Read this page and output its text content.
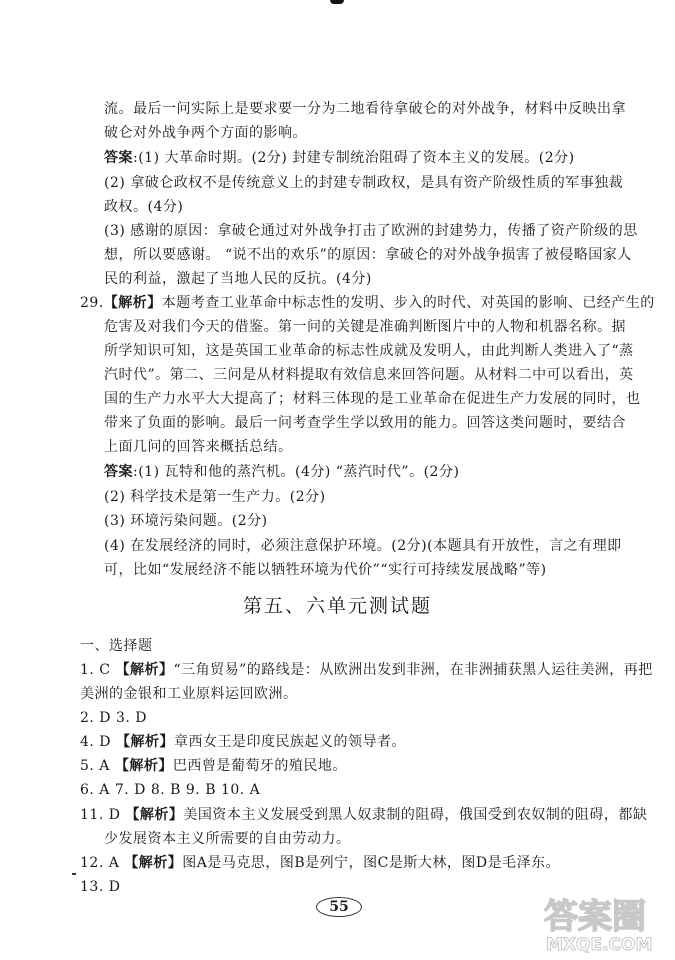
流。最后一问实际上是要求要一分为二地看待拿破仑的对外战争，材料中反映出拿
破仑对外战争两个方面的影响。
答案:(1) 大革命时期。(2分) 封建专制统治阻碍了资本主义的发展。(2分)
(2) 拿破仑政权不是传统意义上的封建专制政权，是具有资产阶级性质的军事独裁
政权。(4分)
(3) 感谢的原因：拿破仑通过对外战争打击了欧洲的封建势力，传播了资产阶级的思
想，所以要感谢。 “说不出的欢乐”的原因：拿破仑的对外战争损害了被侵略国家人
民的利益，激起了当地人民的反抗。(4分)
29.【解析】本题考查工业革命中标志性的发明、步入的时代、对英国的影响、已经产生的
危害及对我们今天的借鉴。第一问的关键是准确判断图片中的人物和机器名称。据
所学知识可知，这是英国工业革命的标志性成就及发明人，由此判断人类进入了“蒸
汽时代”。第二、三问是从材料提取有效信息来回答问题。从材料二中可以看出，英
国的生产力水平大大提高了；材料三体现的是工业革命在促进生产力发展的同时，也
带来了负面的影响。最后一问考查学生学以致用的能力。回答这类问题时，要结合
上面几问的回答来概括总结。
答案:(1) 瓦特和他的蒸汽机。(4分) “蒸汽时代”。(2分)
(2) 科学技术是第一生产力。(2分)
(3) 环境污染问题。(2分)
(4) 在发展经济的同时，必须注意保护环境。(2分)(本题具有开放性，言之有理即
可，比如“发展经济不能以牺牲环境为代价”“实行可持续发展战略”等)
第五、六单元测试题
一、选择题
1. C 【解析】“三角贸易”的路线是：从欧洲出发到非洲，在非洲捕获黑人运往美洲，再把
美洲的金银和工业原料运回欧洲。
2. D 3. D
4. D 【解析】章西女王是印度民族起义的领导者。
5. A 【解析】巴西曾是葡萄牙的殖民地。
6. A 7. D 8. B 9. B 10. A
11. D 【解析】美国资本主义发展受到黑人奴隶制的阻碍，俄国受到农奴制的阻碍，都缺
少发展资本主义所需要的自由劳动力。
12. A 【解析】图A是马克思，图B是列宁，图C是斯大林，图D是毛泽东。
13. D
55	答案圈
MXQE.COM
